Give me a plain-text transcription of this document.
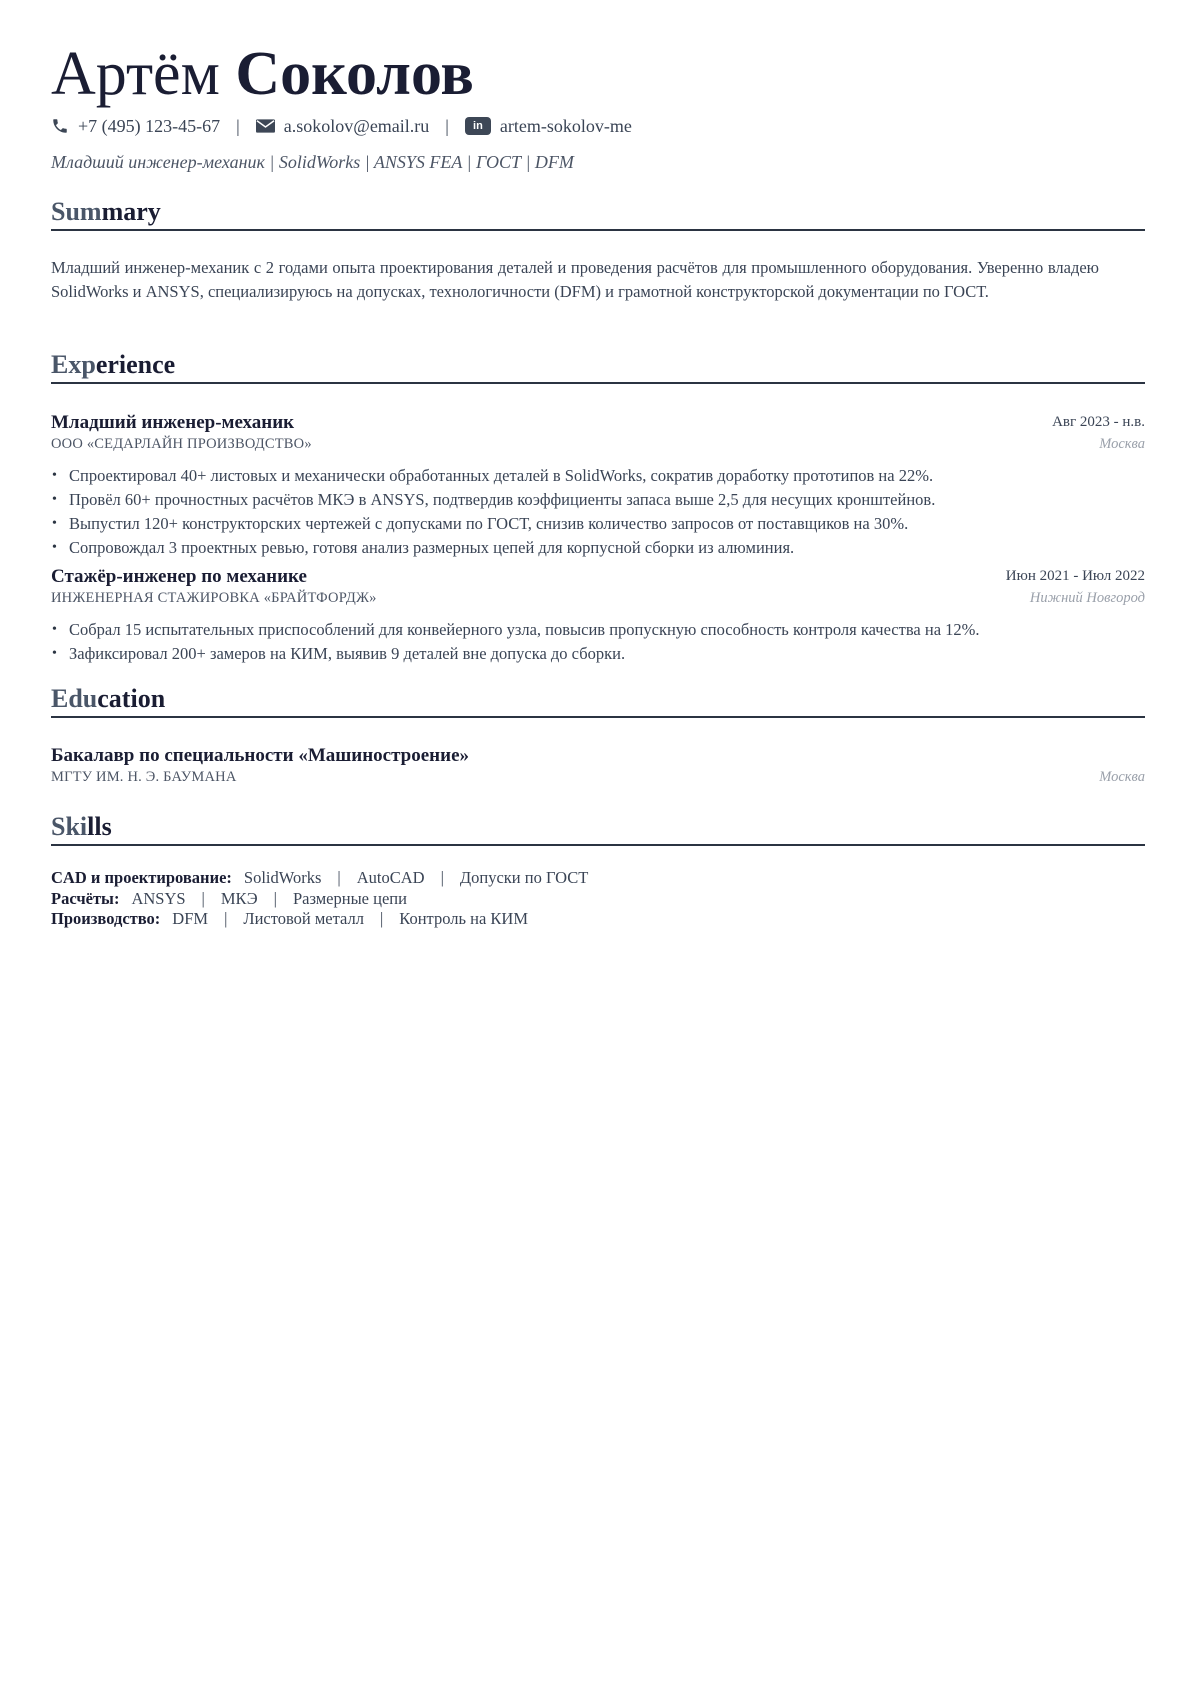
Артём Соколов
+7 (495) 123-45-67 | a.sokolov@email.ru |	in artem-sokolov-me
Младший инженер-механик | SolidWorks | ANSYS FEA | ГОСТ | DFM
Summary
Младший инженер-механик с 2 годами опыта проектирования деталей и проведения расчётов для промышленного оборудования. Уверенно владею SolidWorks и ANSYS, специализируюсь на допусках, технологичности (DFM) и грамотной конструкторской документации по ГОСТ.
Experience
Младший инженер-механик	Авг 2023 - н.в.
ООО «СЕДАРЛАЙН ПРОИЗВОДСТВО»	Москва
• Спроектировал 40+ листовых и механически обработанных деталей в SolidWorks, сократив доработку прототипов на 22%.
• Провёл 60+ прочностных расчётов МКЭ в ANSYS, подтвердив коэффициенты запаса выше 2,5 для несущих кронштейнов.
• Выпустил 120+ конструкторских чертежей с допусками по ГОСТ, снизив количество запросов от поставщиков на 30%.
• Сопровождал 3 проектных ревью, готовя анализ размерных цепей для корпусной сборки из алюминия.
Стажёр-инженер по механике	Июн 2021 - Июл 2022
ИНЖЕНЕРНАЯ СТАЖИРОВКА «БРАЙТФОРДЖ»	Нижний Новгород
• Собрал 15 испытательных приспособлений для конвейерного узла, повысив пропускную способность контроля качества на 12%.
• Зафиксировал 200+ замеров на КИМ, выявив 9 деталей вне допуска до сборки.
Education
Бакалавр по специальности «Машиностроение»
МГТУ ИМ. Н. Э. БАУМАНА	Москва
Skills
CAD и проектирование: SolidWorks | AutoCAD | Допуски по ГОСТ
Расчёты: ANSYS | МКЭ | Размерные цепи
Производство: DFM | Листовой металл | Контроль на КИМ
